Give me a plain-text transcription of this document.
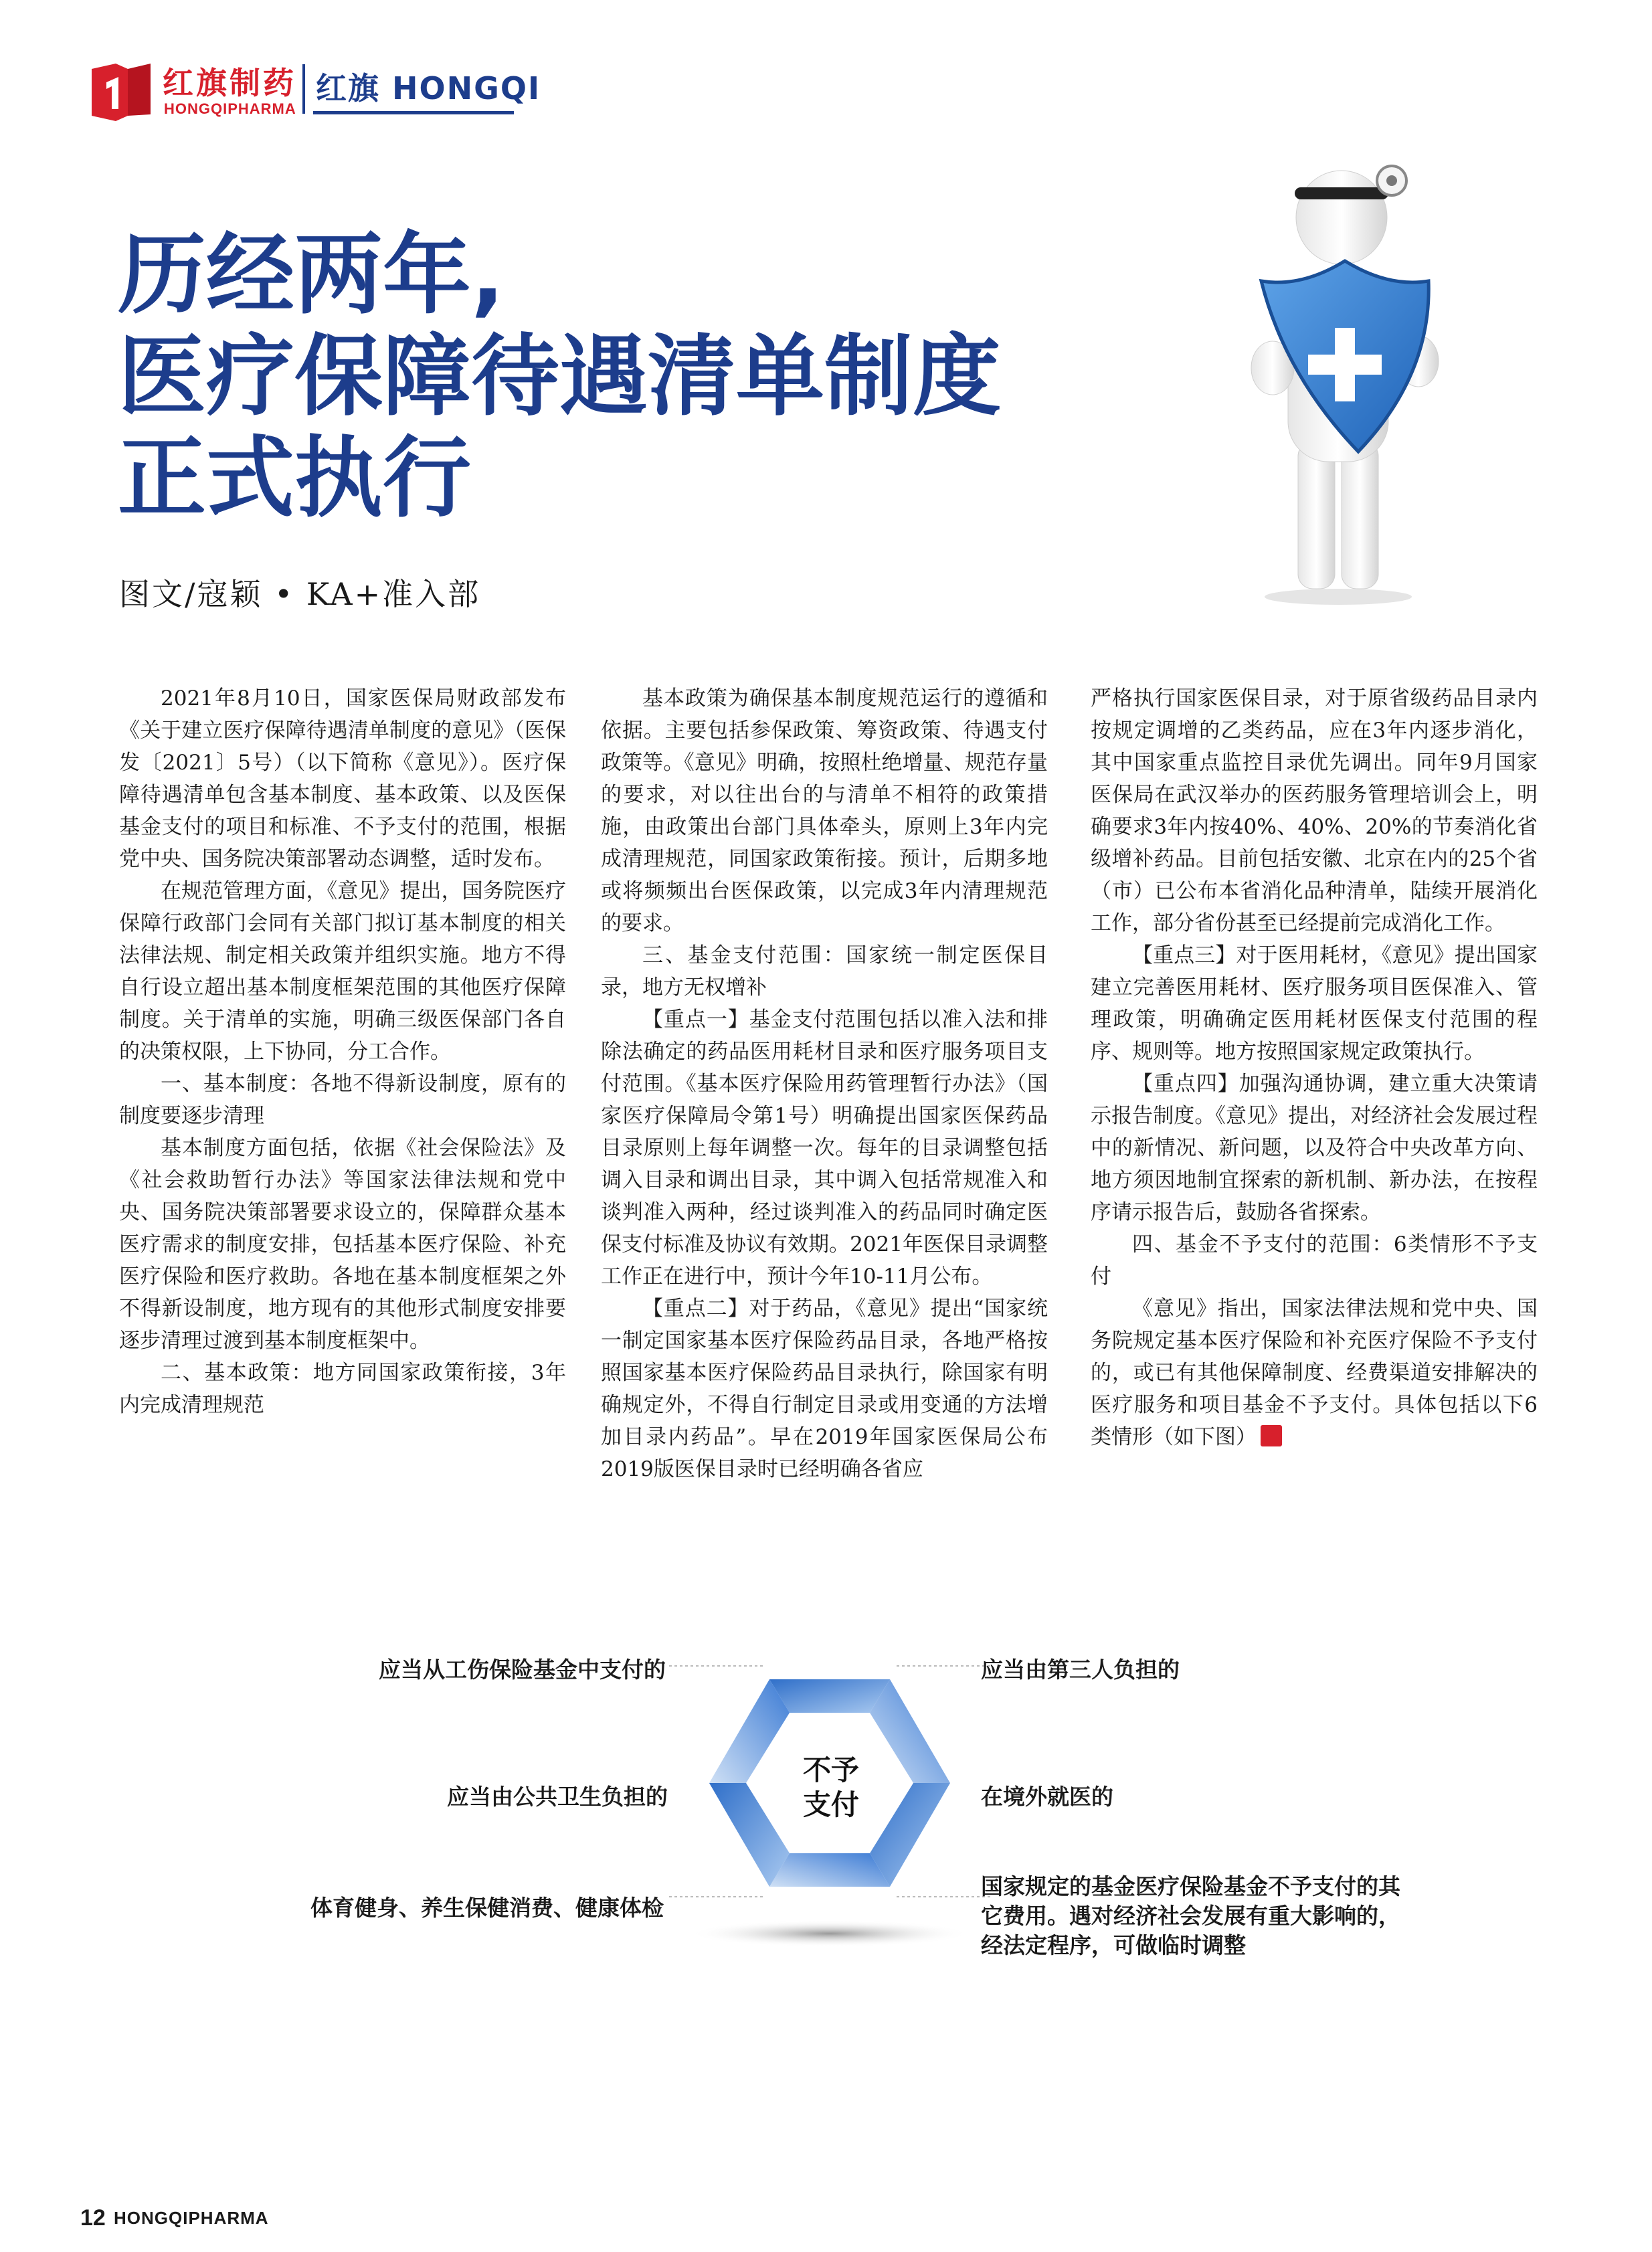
红旗制药
HONGQIPHARMA
红旗 HONGQI
历经两年,
医疗保障待遇清单制度
正式执行
图文/寇颖 • KA+准入部

2021年8月10日，国家医保局财政部发布《关于建立医疗保障待遇清单制度的意见》（医保发〔2021〕5号）（以下简称《意见》）。医疗保障待遇清单包含基本制度、基本政策、以及医保基金支付的项目和标准、不予支付的范围，根据党中央、国务院决策部署动态调整，适时发布。

在规范管理方面，《意见》提出，国务院医疗保障行政部门会同有关部门拟订基本制度的相关法律法规、制定相关政策并组织实施。地方不得自行设立超出基本制度框架范围的其他医疗保障制度。关于清单的实施，明确三级医保部门各自的决策权限，上下协同，分工合作。

一、基本制度：各地不得新设制度，原有的制度要逐步清理

基本制度方面包括，依据《社会保险法》及《社会救助暂行办法》等国家法律法规和党中央、国务院决策部署要求设立的，保障群众基本医疗需求的制度安排，包括基本医疗保险、补充医疗保险和医疗救助。各地在基本制度框架之外不得新设制度，地方现有的其他形式制度安排要逐步清理过渡到基本制度框架中。

二、基本政策：地方同国家政策衔接，3年内完成清理规范

基本政策为确保基本制度规范运行的遵循和依据。主要包括参保政策、筹资政策、待遇支付政策等。《意见》明确，按照杜绝增量、规范存量的要求，对以往出台的与清单不相符的政策措施，由政策出台部门具体牵头，原则上3年内完成清理规范，同国家政策衔接。预计，后期多地或将频频出台医保政策，以完成3年内清理规范的要求。

三、基金支付范围：国家统一制定医保目录，地方无权增补

【重点一】基金支付范围包括以准入法和排除法确定的药品医用耗材目录和医疗服务项目支付范围。《基本医疗保险用药管理暂行办法》（国家医疗保障局令第1号）明确提出国家医保药品目录原则上每年调整一次。每年的目录调整包括调入目录和调出目录，其中调入包括常规准入和谈判准入两种，经过谈判准入的药品同时确定医保支付标准及协议有效期。2021年医保目录调整工作正在进行中，预计今年10-11月公布。

【重点二】对于药品，《意见》提出“国家统一制定国家基本医疗保险药品目录，各地严格按照国家基本医疗保险药品目录执行，除国家有明确规定外，不得自行制定目录或用变通的方法增加目录内药品”。早在2019年国家医保局公布2019版医保目录时已经明确各省应

严格执行国家医保目录，对于原省级药品目录内按规定调增的乙类药品，应在3年内逐步消化，其中国家重点监控目录优先调出。同年9月国家医保局在武汉举办的医药服务管理培训会上，明确要求3年内按40%、40%、20%的节奏消化省级增补药品。目前包括安徽、北京在内的25个省（市）已公布本省消化品种清单，陆续开展消化工作，部分省份甚至已经提前完成消化工作。

【重点三】对于医用耗材，《意见》提出国家建立完善医用耗材、医疗服务项目医保准入、管理政策，明确确定医用耗材医保支付范围的程序、规则等。地方按照国家规定政策执行。

【重点四】加强沟通协调，建立重大决策请示报告制度。《意见》提出，对经济社会发展过程中的新情况、新问题，以及符合中央改革方向、地方须因地制宜探索的新机制、新办法，在按程序请示报告后，鼓励各省探索。

四、基金不予支付的范围：6类情形不予支付

《意见》指出，国家法律法规和党中央、国务院规定基本医疗保险和补充医疗保险不予支付的，或已有其他保障制度、经费渠道安排解决的医疗服务和项目基金不予支付。具体包括以下6类情形（如下图）

不予
支付
应当从工伤保险基金中支付的
应当由公共卫生负担的
体育健身、养生保健消费、健康体检
应当由第三人负担的
在境外就医的
国家规定的基金医疗保险基金不予支付的其它费用。遇对经济社会发展有重大影响的，经法定程序，可做临时调整
12 HONGQIPHARMA
